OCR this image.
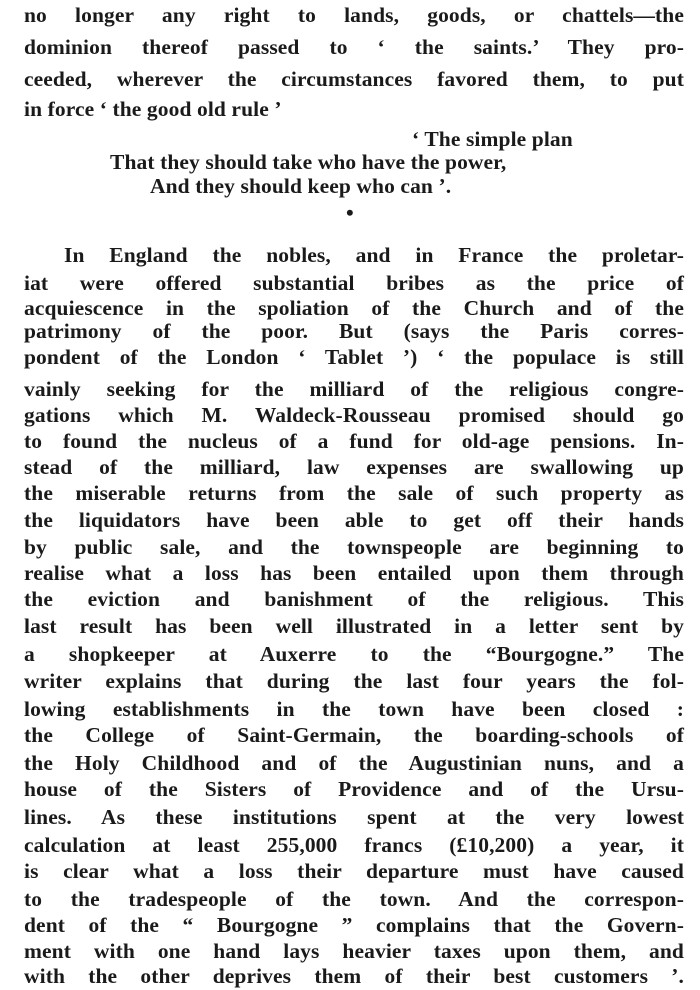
no longer any right to lands, goods, or chattels—the
dominion thereof passed to ‘ the saints.’ They pro-
ceeded, wherever the circumstances favored them, to put
in force ‘ the good old rule ’
‘ The simple plan
That they should take who have the power,
And they should keep who can ’.
•
In England the nobles, and in France the proletar-
iat were offered substantial bribes as the price of
acquiescence in the spoliation of the Church and of the
patrimony of the poor. But (says the Paris corres-
pondent of the London ‘ Tablet ’) ‘ the populace is still
vainly seeking for the milliard of the religious congre-
gations which M. Waldeck-Rousseau promised should go
to found the nucleus of a fund for old-age pensions. In-
stead of the milliard, law expenses are swallowing up
the miserable returns from the sale of such property as
the liquidators have been able to get off their hands
by public sale, and the townspeople are beginning to
realise what a loss has been entailed upon them through
the eviction and banishment of the religious. This
last result has been well illustrated in a letter sent by
a shopkeeper at Auxerre to the “Bourgogne.” The
writer explains that during the last four years the fol-
lowing establishments in the town have been closed :
the College of Saint-Germain, the boarding-schools of
the Holy Childhood and of the Augustinian nuns, and a
house of the Sisters of Providence and of the Ursu-
lines. As these institutions spent at the very lowest
calculation at least 255,000 francs (£10,200) a year, it
is clear what a loss their departure must have caused
to the tradespeople of the town. And the correspon-
dent of the “ Bourgogne ” complains that the Govern-
ment with one hand lays heavier taxes upon them, and
with the other deprives them of their best customers ’.
